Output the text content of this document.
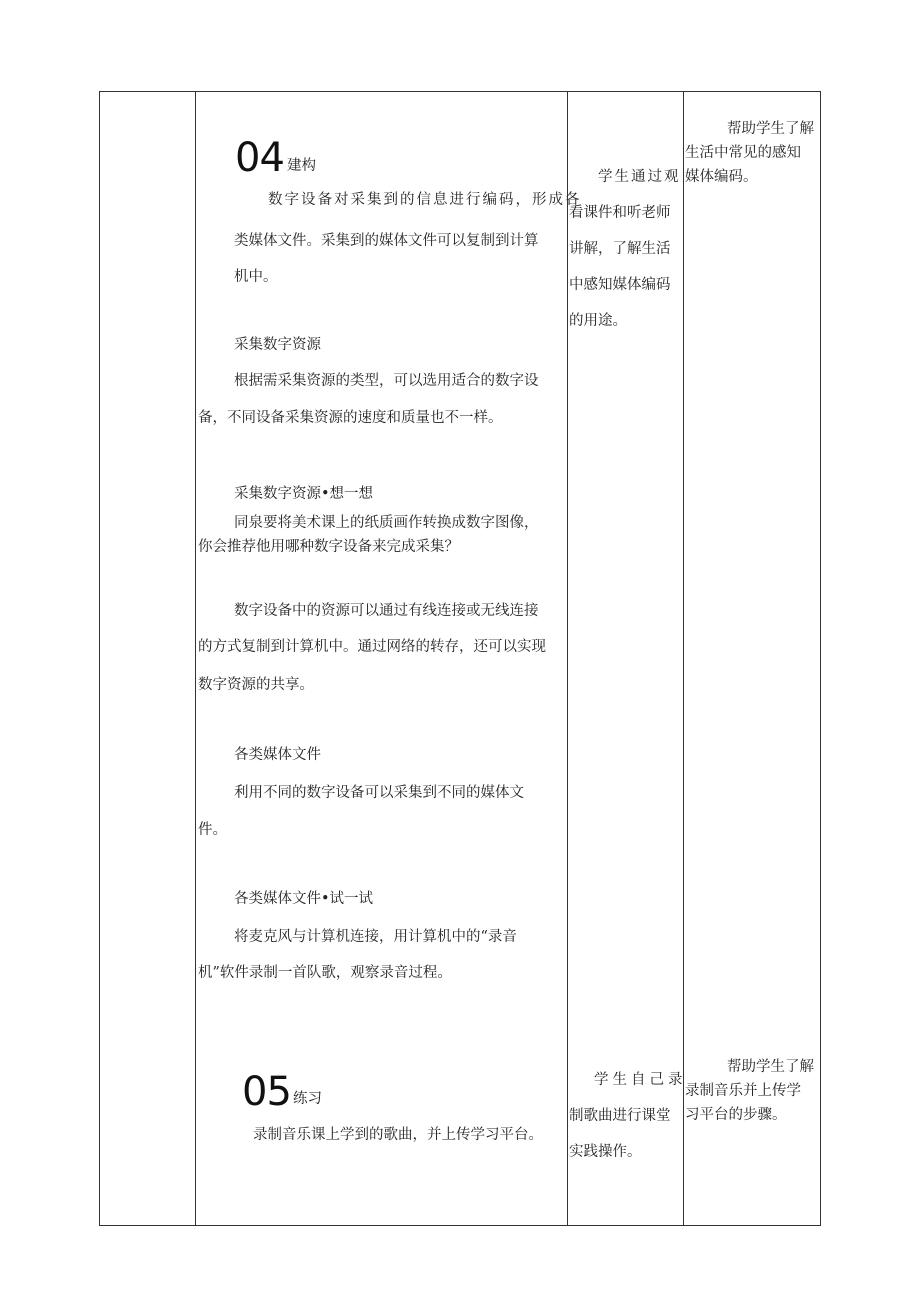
04 建构

数字设备对采集到的信息进行编码，形成各

类媒体文件。采集到的媒体文件可以复制到计算

机中。

采集数字资源

根据需采集资源的类型，可以选用适合的数字设

备，不同设备采集资源的速度和质量也不一样。

采集数字资源•想一想

同泉要将美术课上的纸质画作转换成数字图像，

你会推荐他用哪种数字设备来完成采集？

数字设备中的资源可以通过有线连接或无线连接

的方式复制到计算机中。通过网络的转存，还可以实现

数字资源的共享。

各类媒体文件

利用不同的数字设备可以采集到不同的媒体文

件。

各类媒体文件•试一试

将麦克风与计算机连接，用计算机中的“录音

机”软件录制一首队歌，观察录音过程。

学生通过观

看课件和听老师

讲解，了解生活

中感知媒体编码

的用途。

帮助学生了解

生活中常见的感知

媒体编码。

05 练习

录制音乐课上学到的歌曲，并上传学习平台。

学生自己录

制歌曲进行课堂

实践操作。

帮助学生了解

录制音乐并上传学

习平台的步骤。
